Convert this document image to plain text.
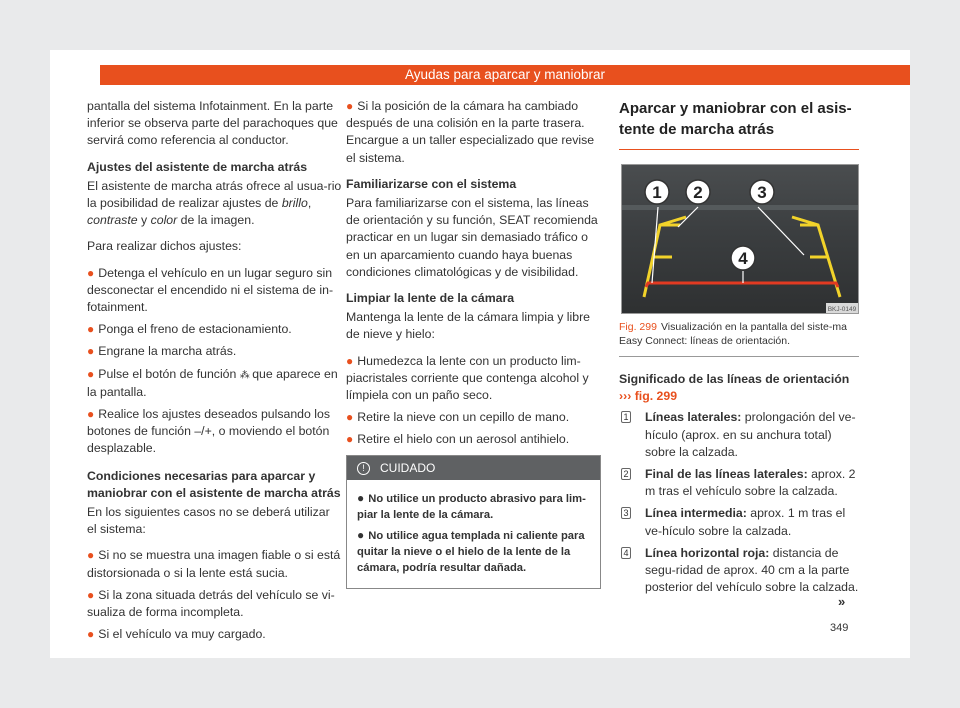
Ayudas para aparcar y maniobrar

pantalla del sistema Infotainment. En la parte inferior se observa parte del parachoques que servirá como referencia al conductor.

Ajustes del asistente de marcha atrás

El asistente de marcha atrás ofrece al usua-rio la posibilidad de realizar ajustes de brillo, contraste y color de la imagen.

Para realizar dichos ajustes:

● Detenga el vehículo en un lugar seguro sin desconectar el encendido ni el sistema de in-fotainment.
● Ponga el freno de estacionamiento.
● Engrane la marcha atrás.
● Pulse el botón de función ⁂ que aparece en la pantalla.
● Realice los ajustes deseados pulsando los botones de función –/+, o moviendo el botón desplazable.
Condiciones necesarias para aparcar y maniobrar con el asistente de marcha atrás

En los siguientes casos no se deberá utilizar el sistema:

● Si no se muestra una imagen fiable o si está distorsionada o si la lente está sucia.
● Si la zona situada detrás del vehículo se vi-sualiza de forma incompleta.
● Si el vehículo va muy cargado.
● Si la posición de la cámara ha cambiado después de una colisión en la parte trasera. Encargue a un taller especializado que revise el sistema.
Familiarizarse con el sistema

Para familiarizarse con el sistema, las líneas de orientación y su función, SEAT recomienda practicar en un lugar sin demasiado tráfico o en un aparcamiento cuando haya buenas condiciones climatológicas y de visibilidad.

Limpiar la lente de la cámara

Mantenga la lente de la cámara limpia y libre de nieve y hielo:

● Humedezca la lente con un producto lim-piacristales corriente que contenga alcohol y límpiela con un paño seco.
● Retire la nieve con un cepillo de mano.
● Retire el hielo con un aerosol antihielo.
! CUIDADO
● No utilice un producto abrasivo para lim-piar la lente de la cámara.
● No utilice agua templada ni caliente para quitar la nieve o el hielo de la lente de la cámara, podría resultar dañada.
Aparcar y maniobrar con el asis-tente de marcha atrás
1 2	3
4
BKJ-0149
Fig. 299 Visualización en la pantalla del siste-ma Easy Connect: líneas de orientación.

Significado de las líneas de orientación
››› fig. 299

1 Líneas laterales: prolongación del ve-hículo (aprox. en su anchura total) sobre la calzada.
2 Final de las líneas laterales: aprox. 2 m tras el vehículo sobre la calzada.
3 Línea intermedia: aprox. 1 m tras el ve-hículo sobre la calzada.
4 Línea horizontal roja: distancia de segu-ridad de aprox. 40 cm a la parte posterior del vehículo sobre la calzada.
»
349
